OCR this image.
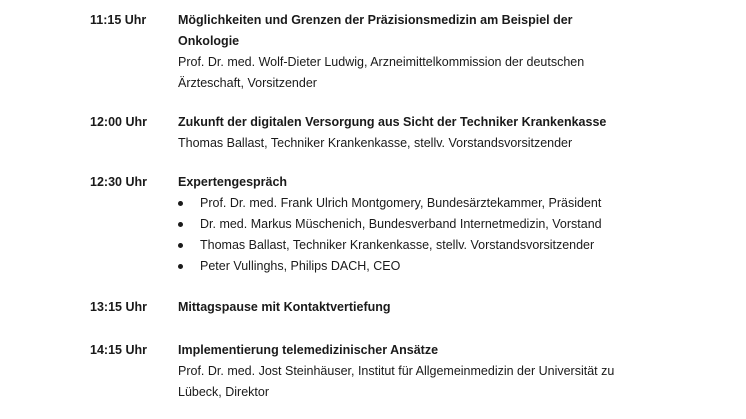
11:15 Uhr	Möglichkeiten und Grenzen der Präzisionsmedizin am Beispiel der
Onkologie
Prof. Dr. med. Wolf-Dieter Ludwig, Arzneimittelkommission der deutschen
Ärzteschaft, Vorsitzender
12:00 Uhr	Zukunft der digitalen Versorgung aus Sicht der Techniker Krankenkasse
Thomas Ballast, Techniker Krankenkasse, stellv. Vorstandsvorsitzender
12:30 Uhr	Expertengespräch
Prof. Dr. med. Frank Ulrich Montgomery, Bundesärztekammer, Präsident
Dr. med. Markus Müschenich, Bundesverband Internetmedizin, Vorstand
Thomas Ballast, Techniker Krankenkasse, stellv. Vorstandsvorsitzender
Peter Vullinghs, Philips DACH, CEO
13:15 Uhr	Mittagspause mit Kontaktvertiefung
14:15 Uhr	Implementierung telemedizinischer Ansätze
Prof. Dr. med. Jost Steinhäuser, Institut für Allgemeinmedizin der Universität zu
Lübeck, Direktor
